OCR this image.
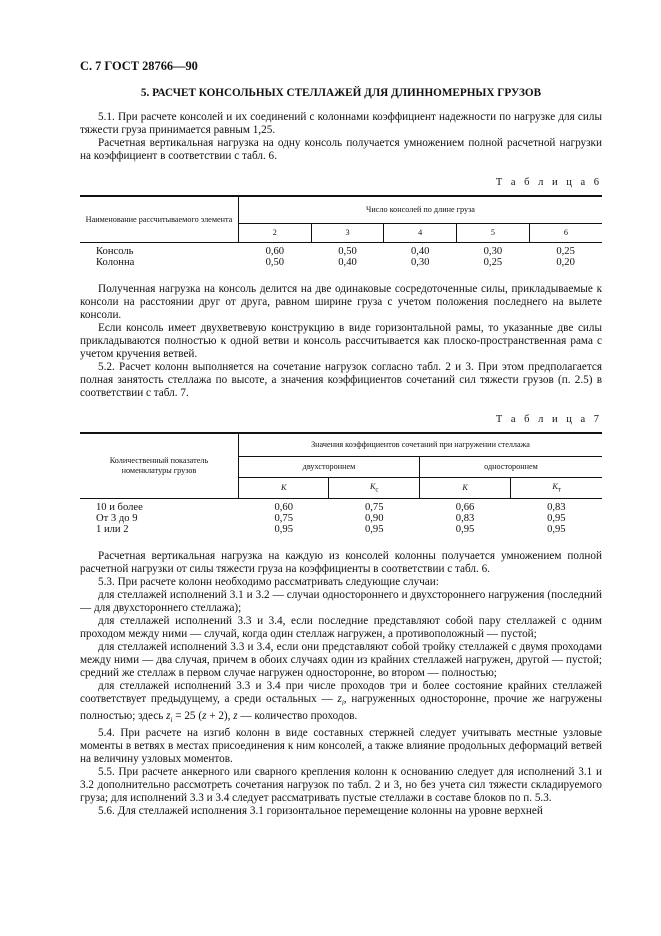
С. 7 ГОСТ 28766—90
5. РАСЧЕТ КОНСОЛЬНЫХ СТЕЛЛАЖЕЙ ДЛЯ ДЛИННОМЕРНЫХ ГРУЗОВ

5.1. При расчете консолей и их соединений с колоннами коэффициент надежности по нагрузке для силы тяжести груза принимается равным 1,25.

Расчетная вертикальная нагрузка на одну консоль получается умножением полной расчетной нагрузки на коэффициент в соответствии с табл. 6.

Т а б л и ц а 6
Наименование рассчитываемого элемента	Число консолей по длине груза				
	2	3	4	5	6
Консоль	0,60	0,50	0,40	0,30	0,25
Колонна	0,50	0,40	0,30	0,25	0,20

Полученная нагрузка на консоль делится на две одинаковые сосредоточенные силы, прикладываемые к консоли на расстоянии друг от друга, равном ширине груза с учетом положения последнего на вылете консоли.

Если консоль имеет двухветвевую конструкцию в виде горизонтальной рамы, то указанные две силы прикладываются полностью к одной ветви и консоль рассчитывается как плоско-пространственная рама с учетом кручения ветвей.

5.2. Расчет колонн выполняется на сочетание нагрузок согласно табл. 2 и 3. При этом предполагается полная занятость стеллажа по высоте, а значения коэффициентов сочетаний сил тяжести грузов (п. 2.5) в соответствии с табл. 7.

Т а б л и ц а 7
Количественный показатель номенклатуры грузов	Значения коэффициентов сочетаний при нагружении стеллажа			
	двухстороннем		одностороннем	
	K	$K_c$	K	$K_т$
10 и более	0,60	0,75	0,66	0,83
От 3 до 9	0,75	0,90	0,83	0,95
1 или 2	0,95	0,95	0,95	0,95

Расчетная вертикальная нагрузка на каждую из консолей колонны получается умножением полной расчетной нагрузки от силы тяжести груза на коэффициенты в соответствии с табл. 6.

5.3. При расчете колонн необходимо рассматривать следующие случаи:

для стеллажей исполнений 3.1 и 3.2 — случаи одностороннего и двухстороннего нагружения (последний — для двухстороннего стеллажа);

для стеллажей исполнений 3.3 и 3.4, если последние представляют собой пару стеллажей с одним проходом между ними — случай, когда один стеллаж нагружен, а противоположный — пустой;

для стеллажей исполнений 3.3 и 3.4, если они представляют собой тройку стеллажей с двумя проходами между ними — два случая, причем в обоих случаях один из крайних стеллажей нагружен, другой — пустой; средний же стеллаж в первом случае нагружен односторонне, во втором — полностью;

для стеллажей исполнений 3.3 и 3.4 при числе проходов три и более состояние крайних стеллажей соответствует предыдущему, а среди остальных — $z_i$, нагруженных односторонне, прочие же нагружены полностью; здесь $z_i = 25$ (z + 2), z — количество проходов.

5.4. При расчете на изгиб колонн в виде составных стержней следует учитывать местные узловые моменты в ветвях в местах присоединения к ним консолей, а также влияние продольных деформаций ветвей на величину узловых моментов.

5.5. При расчете анкерного или сварного крепления колонн к основанию следует для исполнений 3.1 и 3.2 дополнительно рассмотреть сочетания нагрузок по табл. 2 и 3, но без учета сил тяжести складируемого груза; для исполнений 3.3 и 3.4 следует рассматривать пустые стеллажи в составе блоков по п. 5.3.

5.6. Для стеллажей исполнения 3.1 горизонтальное перемещение колонны на уровне верхней
